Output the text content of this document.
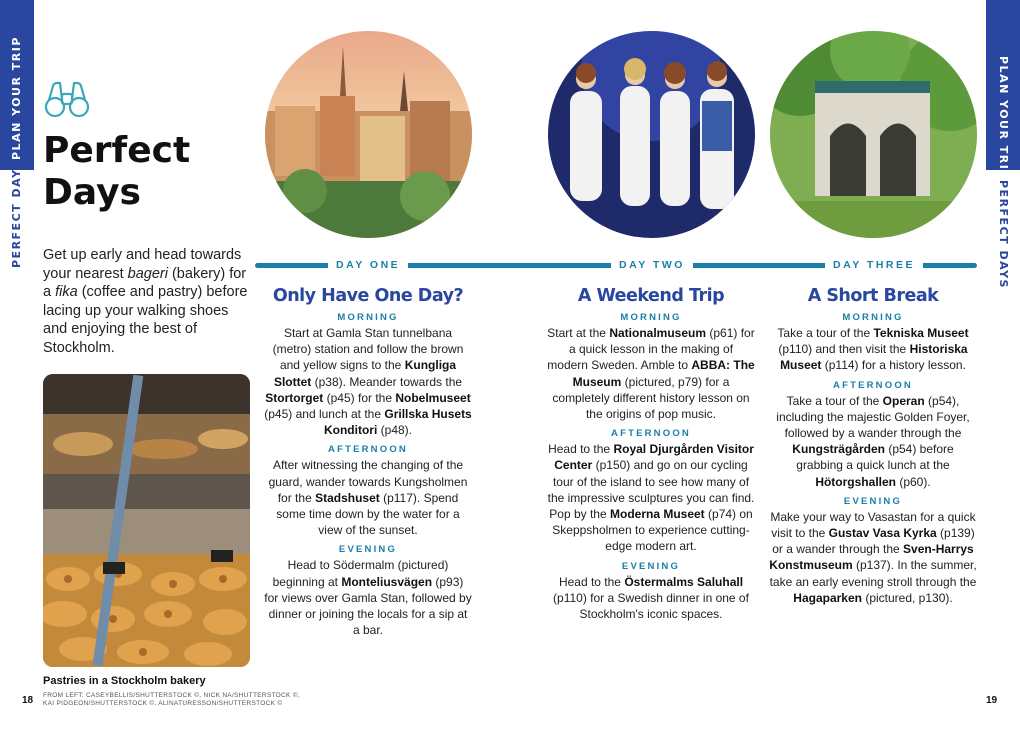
PLAN YOUR TRIP
PERFECT DAYS
PLAN YOUR TRIP
PERFECT DAYS
Perfect
Days

Get up early and head towards your nearest bageri (bakery) for a fika (coffee and pastry) before lacing up your walking shoes and enjoying the best of Stockholm.

Pastries in a Stockholm bakery
FROM LEFT: CASEYBELLIS/SHUTTERSTOCK ©, NICK NA/SHUTTERSTOCK ©,
KAI PIDGEON/SHUTTERSTOCK ©, ALINATURESSON/SHUTTERSTOCK ©
18	19
DAY ONE	DAY TWO	DAY THREE
Only Have One Day?
MORNING

Start at Gamla Stan tunnelbana (metro) station and follow the brown and yellow signs to the Kungliga Slottet (p38). Meander towards the Stortorget (p45) for the Nobelmuseet (p45) and lunch at the Grillska Husets Konditori (p48).

AFTERNOON

After witnessing the changing of the guard, wander towards Kungsholmen for the Stadshuset (p117). Spend some time down by the water for a view of the sunset.

EVENING

Head to Södermalm (pictured) beginning at Monteliusvägen (p93) for views over Gamla Stan, followed by dinner or joining the locals for a sip at a bar.

A Weekend Trip
MORNING

Start at the Nationalmuseum (p61) for a quick lesson in the making of modern Sweden. Amble to ABBA: The Museum (pictured, p79) for a completely different history lesson on the origins of pop music.

AFTERNOON

Head to the Royal Djurgården Visitor Center (p150) and go on our cycling tour of the island to see how many of the impressive sculptures you can find. Pop by the Moderna Museet (p74) on Skeppsholmen to experience cutting-edge modern art.

EVENING

Head to the Östermalms Saluhall (p110) for a Swedish dinner in one of Stockholm's iconic spaces.

A Short Break
MORNING

Take a tour of the Tekniska Museet (p110) and then visit the Historiska Museet (p114) for a history lesson.

AFTERNOON

Take a tour of the Operan (p54), including the majestic Golden Foyer, followed by a wander through the Kungsträgården (p54) before grabbing a quick lunch at the Hötorgshallen (p60).

EVENING

Make your way to Vasastan for a quick visit to the Gustav Vasa Kyrka (p139) or a wander through the Sven-Harrys Konstmuseum (p137). In the summer, take an early evening stroll through the Hagaparken (pictured, p130).
